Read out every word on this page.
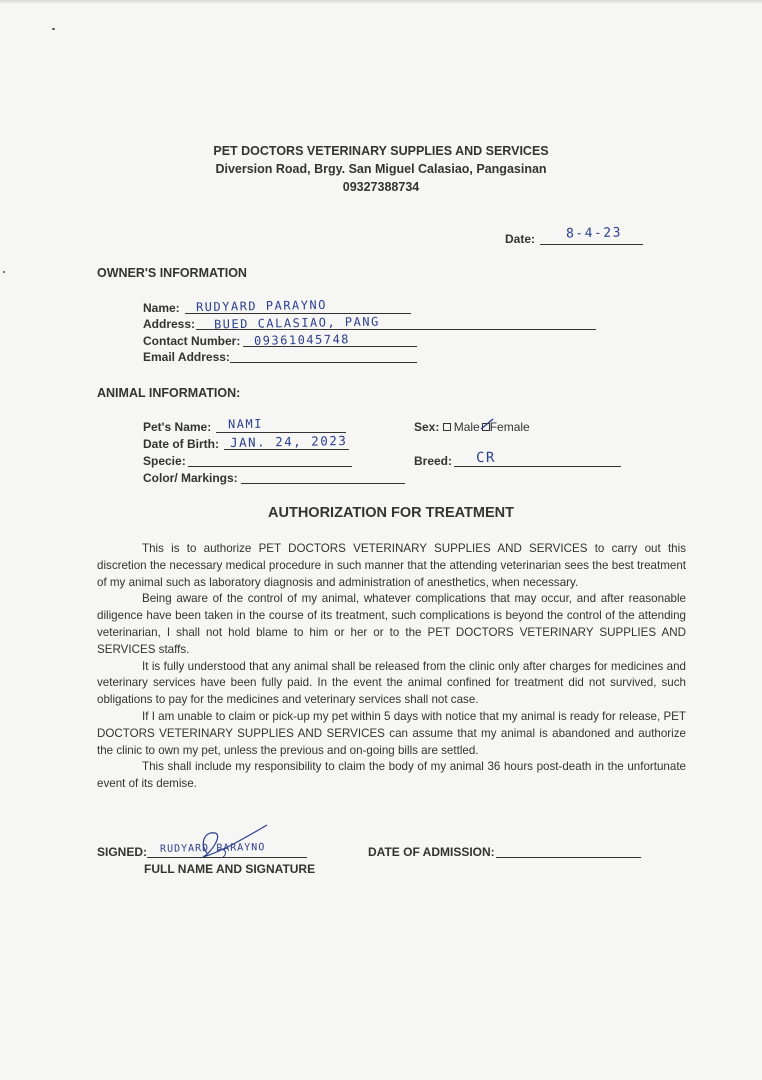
PET DOCTORS VETERINARY SUPPLIES AND SERVICES
Diversion Road, Brgy. San Miguel Calasiao, Pangasinan
09327388734
Date: 8-4-23
OWNER'S INFORMATION
Name: RUDYARD PARAYNO
Address: BUED CALASIAO, PANG
Contact Number: 09361045748
Email Address:
ANIMAL INFORMATION:
Pet's Name: NAMI
Date of Birth: JAN. 24, 2023
Specie:
Color/ Markings:
Sex: Male Female
Breed: CR
AUTHORIZATION FOR TREATMENT

This is to authorize PET DOCTORS VETERINARY SUPPLIES AND SERVICES to carry out this discretion the necessary medical procedure in such manner that the attending veterinarian sees the best treatment of my animal such as laboratory diagnosis and administration of anesthetics, when necessary.

Being aware of the control of my animal, whatever complications that may occur, and after reasonable diligence have been taken in the course of its treatment, such complications is beyond the control of the attending veterinarian, I shall not hold blame to him or her or to the PET DOCTORS VETERINARY SUPPLIES AND SERVICES staffs.

It is fully understood that any animal shall be released from the clinic only after charges for medicines and veterinary services have been fully paid. In the event the animal confined for treatment did not survived, such obligations to pay for the medicines and veterinary services shall not case.

If I am unable to claim or pick-up my pet within 5 days with notice that my animal is ready for release, PET DOCTORS VETERINARY SUPPLIES AND SERVICES can assume that my animal is abandoned and authorize the clinic to own my pet, unless the previous and on-going bills are settled.

This shall include my responsibility to claim the body of my animal 36 hours post-death in the unfortunate event of its demise.

SIGNED: RUDYARD PARAYNO
FULL NAME AND SIGNATURE
DATE OF ADMISSION:
